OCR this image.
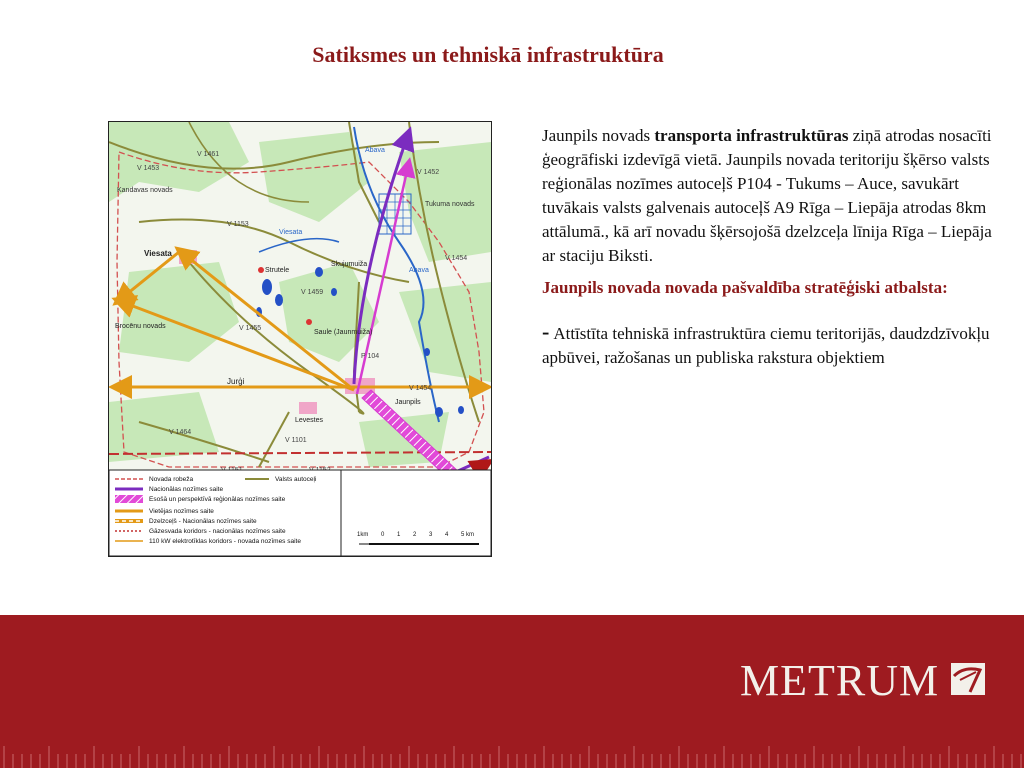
Satiksmes un tehniskā infrastruktūra
Kandavas novads
Tukuma novads
Viesata
Strutele
Skujumuiža
Saule (Jaunmuiža)
Brocēnu novads
Jurģi
Levestes
Jaunpils
V 1461
V 1453
V 1452
V 1153
V 1459
V 1455
V 1454
P 104
V 1101
V 1454
V 1464
Abava
Abava
Viesata
Novada robeža
Nacionālas nozīmes saite
Esošā un perspektīvā reģionālas nozīmes saite
Vietējas nozīmes saite
Dzelzceļš - Nacionālas nozīmes saite
Gāzesvada koridors - nacionālas nozīmes saite
110 kW elektrotīklas koridors - novada nozīmes saite
Valsts autoceļi
1km 0 1 2 3 4 5 km

Jaunpils novads transporta infrastruktūras ziņā atrodas nosacīti ģeogrāfiski izdevīgā vietā. Jaunpils novada teritoriju šķērso valsts reģionālas nozīmes autoceļš P104 - Tukums – Auce, savukārt tuvākais valsts galvenais autoceļš A9 Rīga – Liepāja atrodas 8km attālumā., kā arī novadu šķērsojošā dzelzceļa līnija Rīga – Liepāja ar staciju Biksti.

Jaunpils novada novada pašvaldība stratēģiski atbalsta:

- Attīstīta tehniskā infrastruktūra ciemu teritorijās, daudzdzīvokļu apbūvei, ražošanas un publiska rakstura objektiem

METRUM
